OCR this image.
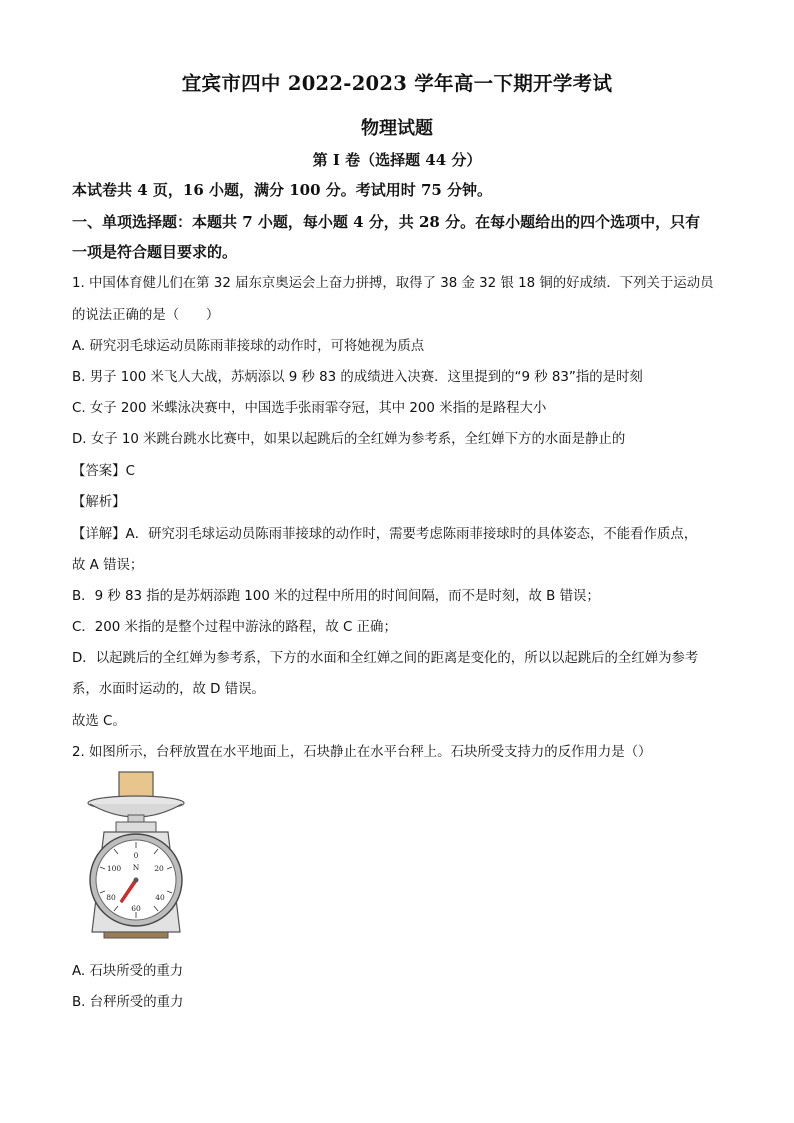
宜宾市四中 2022-2023 学年高一下期开学考试
物理试题
第 I 卷（选择题 44 分）
本试卷共 4 页，16 小题，满分 100 分。考试用时 75 分钟。
一、单项选择题：本题共 7 小题，每小题 4 分，共 28 分。在每小题给出的四个选项中，只有
一项是符合题目要求的。
1. 中国体育健儿们在第 32 届东京奥运会上奋力拼搏，取得了 38 金 32 银 18 铜的好成绩．下列关于运动员
的说法正确的是（　　）
A. 研究羽毛球运动员陈雨菲接球的动作时，可将她视为质点
B. 男子 100 米飞人大战，苏炳添以 9 秒 83 的成绩进入决赛．这里提到的“9 秒 83”指的是时刻
C. 女子 200 米蝶泳决赛中，中国选手张雨霏夺冠，其中 200 米指的是路程大小
D. 女子 10 米跳台跳水比赛中，如果以起跳后的全红婵为参考系，全红婵下方的水面是静止的
【答案】C
【解析】
【详解】A．研究羽毛球运动员陈雨菲接球的动作时，需要考虑陈雨菲接球时的具体姿态，不能看作质点，
故 A 错误；
B．9 秒 83 指的是苏炳添跑 100 米的过程中所用的时间间隔，而不是时刻，故 B 错误；
C．200 米指的是整个过程中游泳的路程，故 C 正确；
D．以起跳后的全红婵为参考系，下方的水面和全红婵之间的距离是变化的，所以以起跳后的全红婵为参考
系，水面时运动的，故 D 错误。
故选 C。
2. 如图所示，台秤放置在水平地面上，石块静止在水平台秤上。石块所受支持力的反作用力是（）
0
20
40
60
80
100 N
A. 石块所受的重力
B. 台秤所受的重力
